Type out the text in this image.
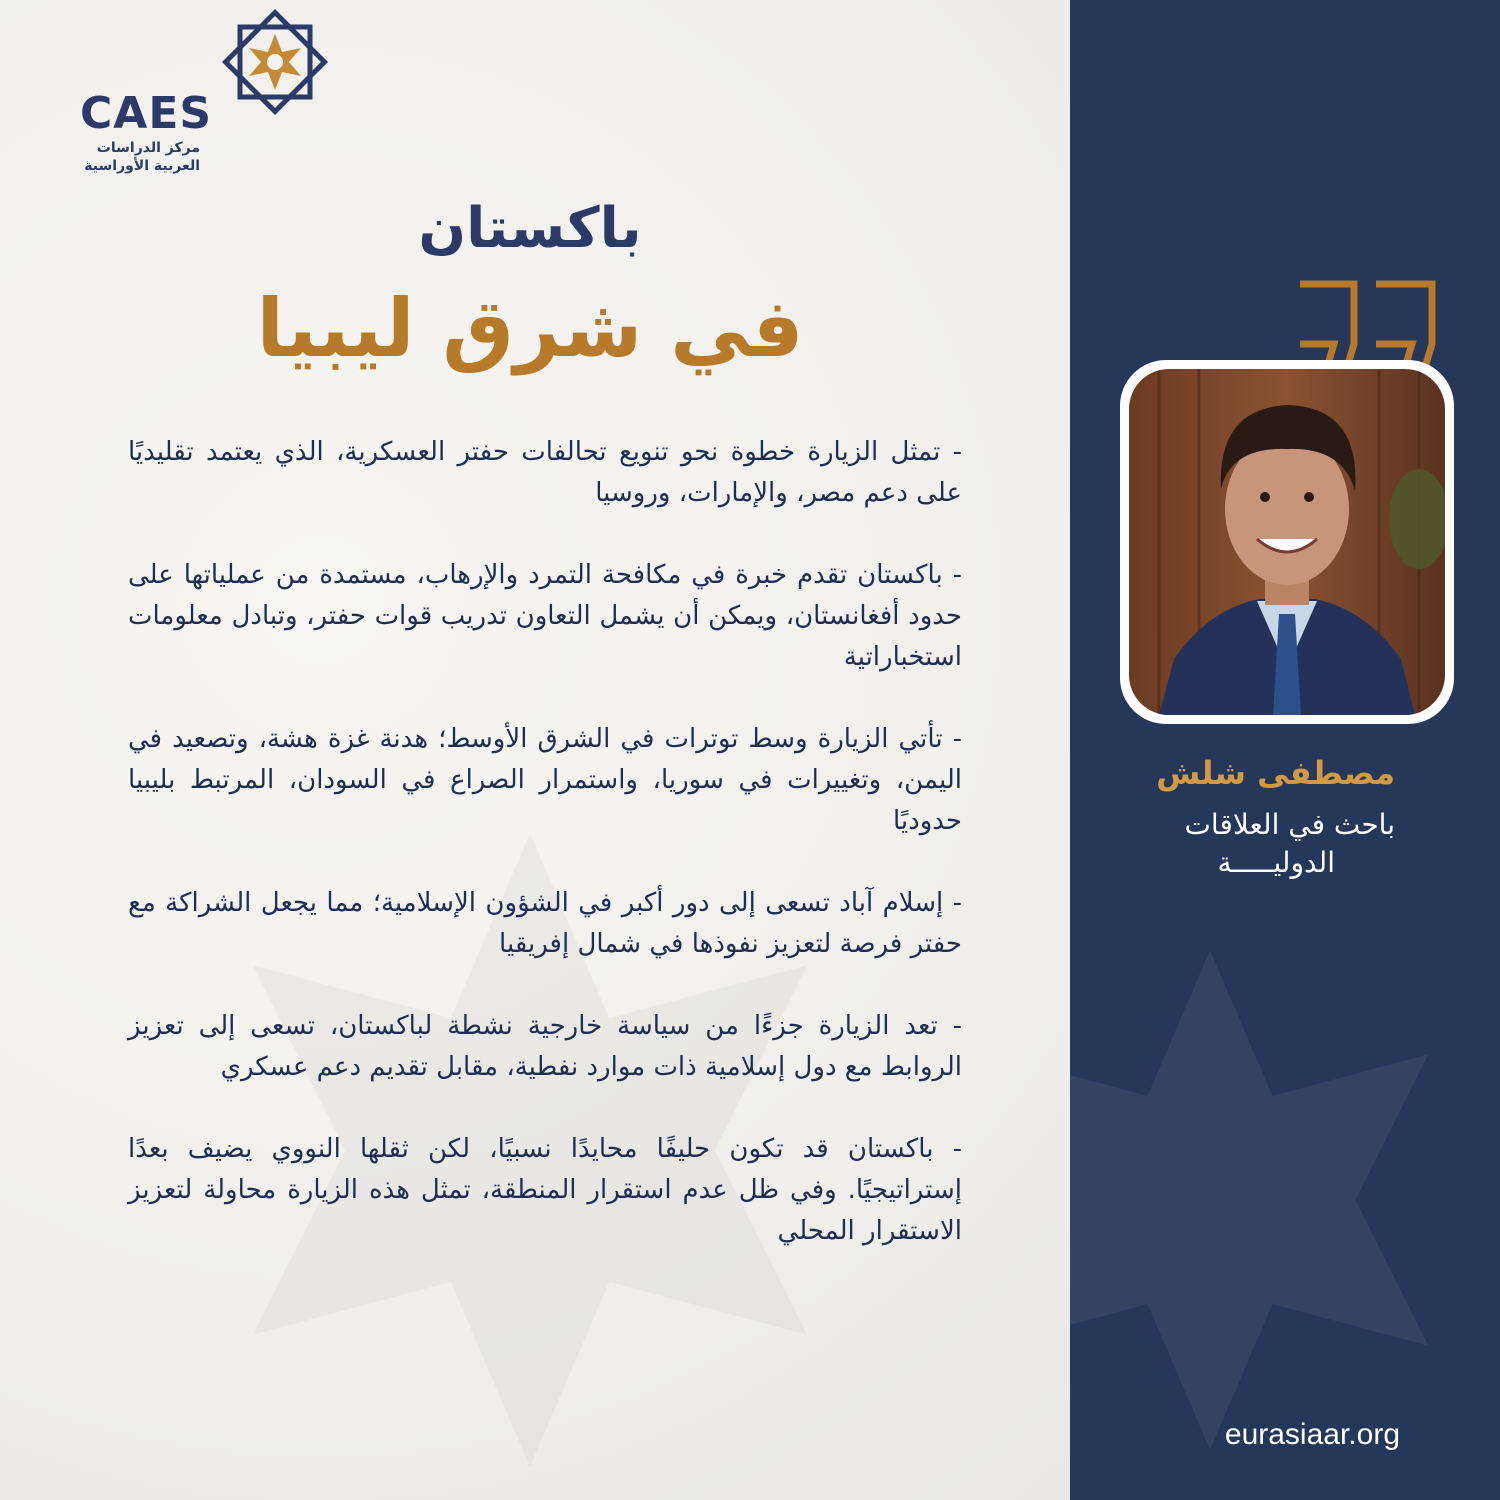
CAES
مركز الدراسات
العربية الأوراسية
باكستان
في شرق ليبيا

- تمثل الزيارة خطوة نحو تنويع تحالفات حفتر العسكرية، الذي يعتمد تقليديًا على دعم مصر، والإمارات، وروسيا

- باكستان تقدم خبرة في مكافحة التمرد والإرهاب، مستمدة من عملياتها على حدود أفغانستان، ويمكن أن يشمل التعاون تدريب قوات حفتر، وتبادل معلومات استخباراتية

- تأتي الزيارة وسط توترات في الشرق الأوسط؛ هدنة غزة هشة، وتصعيد في اليمن، وتغييرات في سوريا، واستمرار الصراع في السودان، المرتبط بليبيا حدوديًا

- إسلام آباد تسعى إلى دور أكبر في الشؤون الإسلامية؛ مما يجعل الشراكة مع حفتر فرصة لتعزيز نفوذها في شمال إفريقيا

- تعد الزيارة جزءًا من سياسة خارجية نشطة لباكستان، تسعى إلى تعزيز الروابط مع دول إسلامية ذات موارد نفطية، مقابل تقديم دعم عسكري

- باكستان قد تكون حليفًا محايدًا نسبيًا، لكن ثقلها النووي يضيف بعدًا إستراتيجيًا. وفي ظل عدم استقرار المنطقة، تمثل هذه الزيارة محاولة لتعزيز الاستقرار المحلي

مصطفى شلش
باحث في العلاقات
الدوليـــــة
eurasiaar.org
